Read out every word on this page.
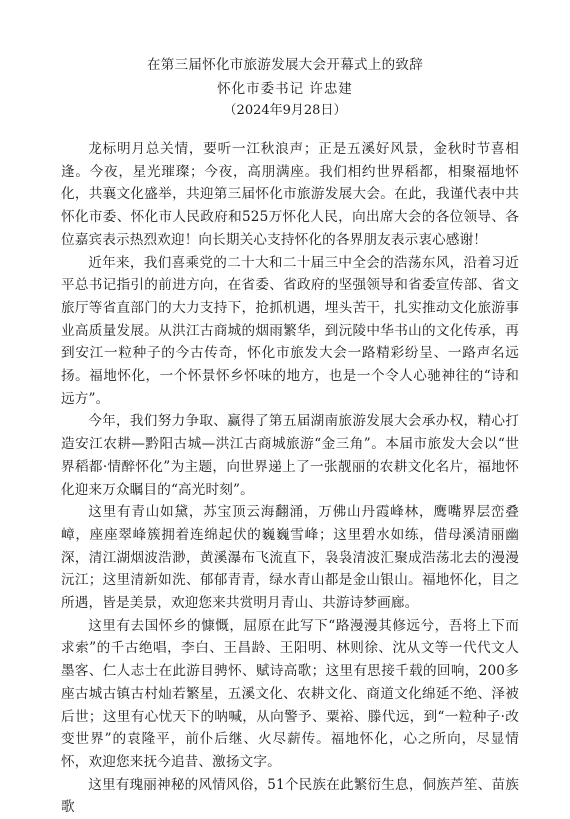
在第三届怀化市旅游发展大会开幕式上的致辞
怀化市委书记 许忠建
（2024年9月28日）

龙标明月总关情，要听一江秋浪声；正是五溪好风景，金秋时节喜相逢。今夜，星光璀璨；今夜，高朋满座。我们相约世界稻都，相聚福地怀化，共襄文化盛举，共迎第三届怀化市旅游发展大会。在此，我谨代表中共怀化市委、怀化市人民政府和525万怀化人民，向出席大会的各位领导、各位嘉宾表示热烈欢迎！向长期关心支持怀化的各界朋友表示衷心感谢！

近年来，我们喜乘党的二十大和二十届三中全会的浩荡东风，沿着习近平总书记指引的前进方向，在省委、省政府的坚强领导和省委宣传部、省文旅厅等省直部门的大力支持下，抢抓机遇，埋头苦干，扎实推动文化旅游事业高质量发展。从洪江古商城的烟雨繁华，到沅陵中华书山的文化传承，再到安江一粒种子的今古传奇，怀化市旅发大会一路精彩纷呈、一路声名远扬。福地怀化，一个怀景怀乡怀味的地方，也是一个令人心驰神往的“诗和远方”。

今年，我们努力争取、赢得了第五届湖南旅游发展大会承办权，精心打造安江农耕—黔阳古城—洪江古商城旅游“金三角”。本届市旅发大会以“世界稻都·情醉怀化”为主题，向世界递上了一张靓丽的农耕文化名片，福地怀化迎来万众瞩目的“高光时刻”。

这里有青山如黛，苏宝顶云海翻涌，万佛山丹霞峰林，鹰嘴界层峦叠嶂，座座翠峰簇拥着连绵起伏的巍巍雪峰；这里碧水如练，借母溪清丽幽深，清江湖烟波浩渺，黄溪瀑布飞流直下，袅袅清波汇聚成浩荡北去的漫漫沅江；这里清新如洗、郁郁青青，绿水青山都是金山银山。福地怀化，目之所遇，皆是美景，欢迎您来共赏明月青山、共游诗梦画廊。

这里有去国怀乡的慷慨，屈原在此写下“路漫漫其修远兮，吾将上下而求索”的千古绝唱，李白、王昌龄、王阳明、林则徐、沈从文等一代代文人墨客、仁人志士在此游目骋怀、赋诗高歌；这里有思接千载的回响，200多座古城古镇古村灿若繁星，五溪文化、农耕文化、商道文化绵延不绝、泽被后世；这里有心忧天下的呐喊，从向警予、粟裕、滕代远，到“一粒种子·改变世界”的袁隆平，前仆后继、火尽薪传。福地怀化，心之所向，尽显情怀，欢迎您来抚今追昔、激扬文字。

这里有瑰丽神秘的风情风俗，51个民族在此繁衍生息，侗族芦笙、苗族歌
